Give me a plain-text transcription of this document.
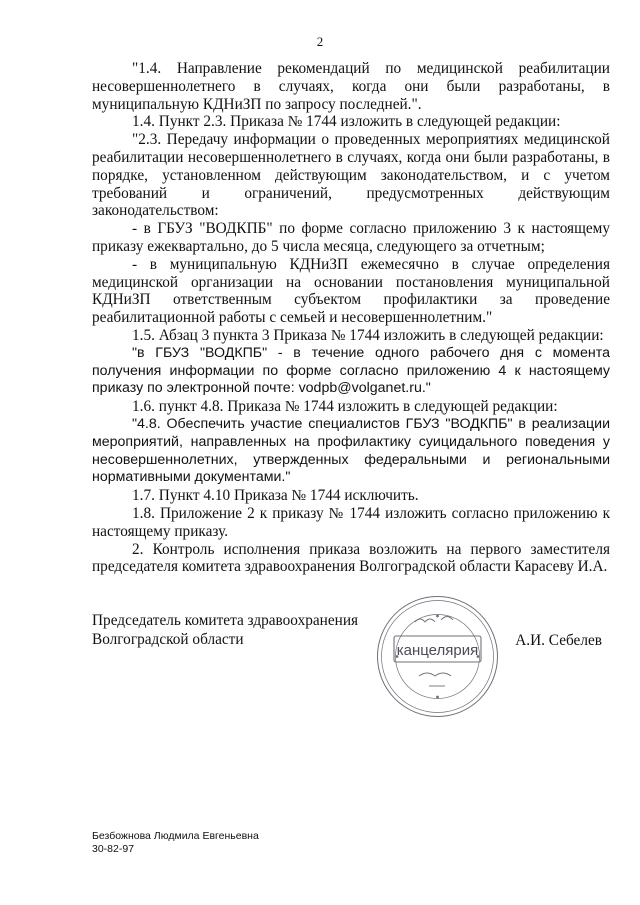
2

"1.4. Направление рекомендаций по медицинской реабилитации несовершеннолетнего в случаях, когда они были разработаны, в муниципальную КДНиЗП по запросу последней.".

1.4. Пункт 2.3. Приказа № 1744 изложить в следующей редакции:

"2.3. Передачу информации о проведенных мероприятиях медицинской реабилитации несовершеннолетнего в случаях, когда они были разработаны, в порядке, установленном действующим законодательством, и с учетом требований и ограничений, предусмотренных действующим законодательством:

- в ГБУЗ "ВОДКПБ" по форме согласно приложению 3 к настоящему приказу ежеквартально, до 5 числа месяца, следующего за отчетным;

- в муниципальную КДНиЗП ежемесячно в случае определения медицинской организации на основании постановления муниципальной КДНиЗП ответственным субъектом профилактики за проведение реабилитационной работы с семьей и несовершеннолетним."

1.5. Абзац 3 пункта 3 Приказа № 1744 изложить в следующей редакции:

"в ГБУЗ "ВОДКПБ" - в течение одного рабочего дня с момента получения информации по форме согласно приложению 4 к настоящему приказу по электронной почте: vodpb@volganet.ru."

1.6. пункт 4.8. Приказа № 1744 изложить в следующей редакции:

"4.8. Обеспечить участие специалистов ГБУЗ "ВОДКПБ" в реализации мероприятий, направленных на профилактику суицидального поведения у несовершеннолетних, утвержденных федеральными и региональными нормативными документами."

1.7. Пункт 4.10 Приказа № 1744 исключить.

1.8. Приложение 2 к приказу № 1744 изложить согласно приложению к настоящему приказу.

2. Контроль исполнения приказа возложить на первого заместителя председателя комитета здравоохранения Волгоградской области Карасеву И.А.

Председатель комитета здравоохранения
Волгоградской области
канцелярия
А.И. Себелев
Безбожнова Людмила Евгеньевна
30-82-97
